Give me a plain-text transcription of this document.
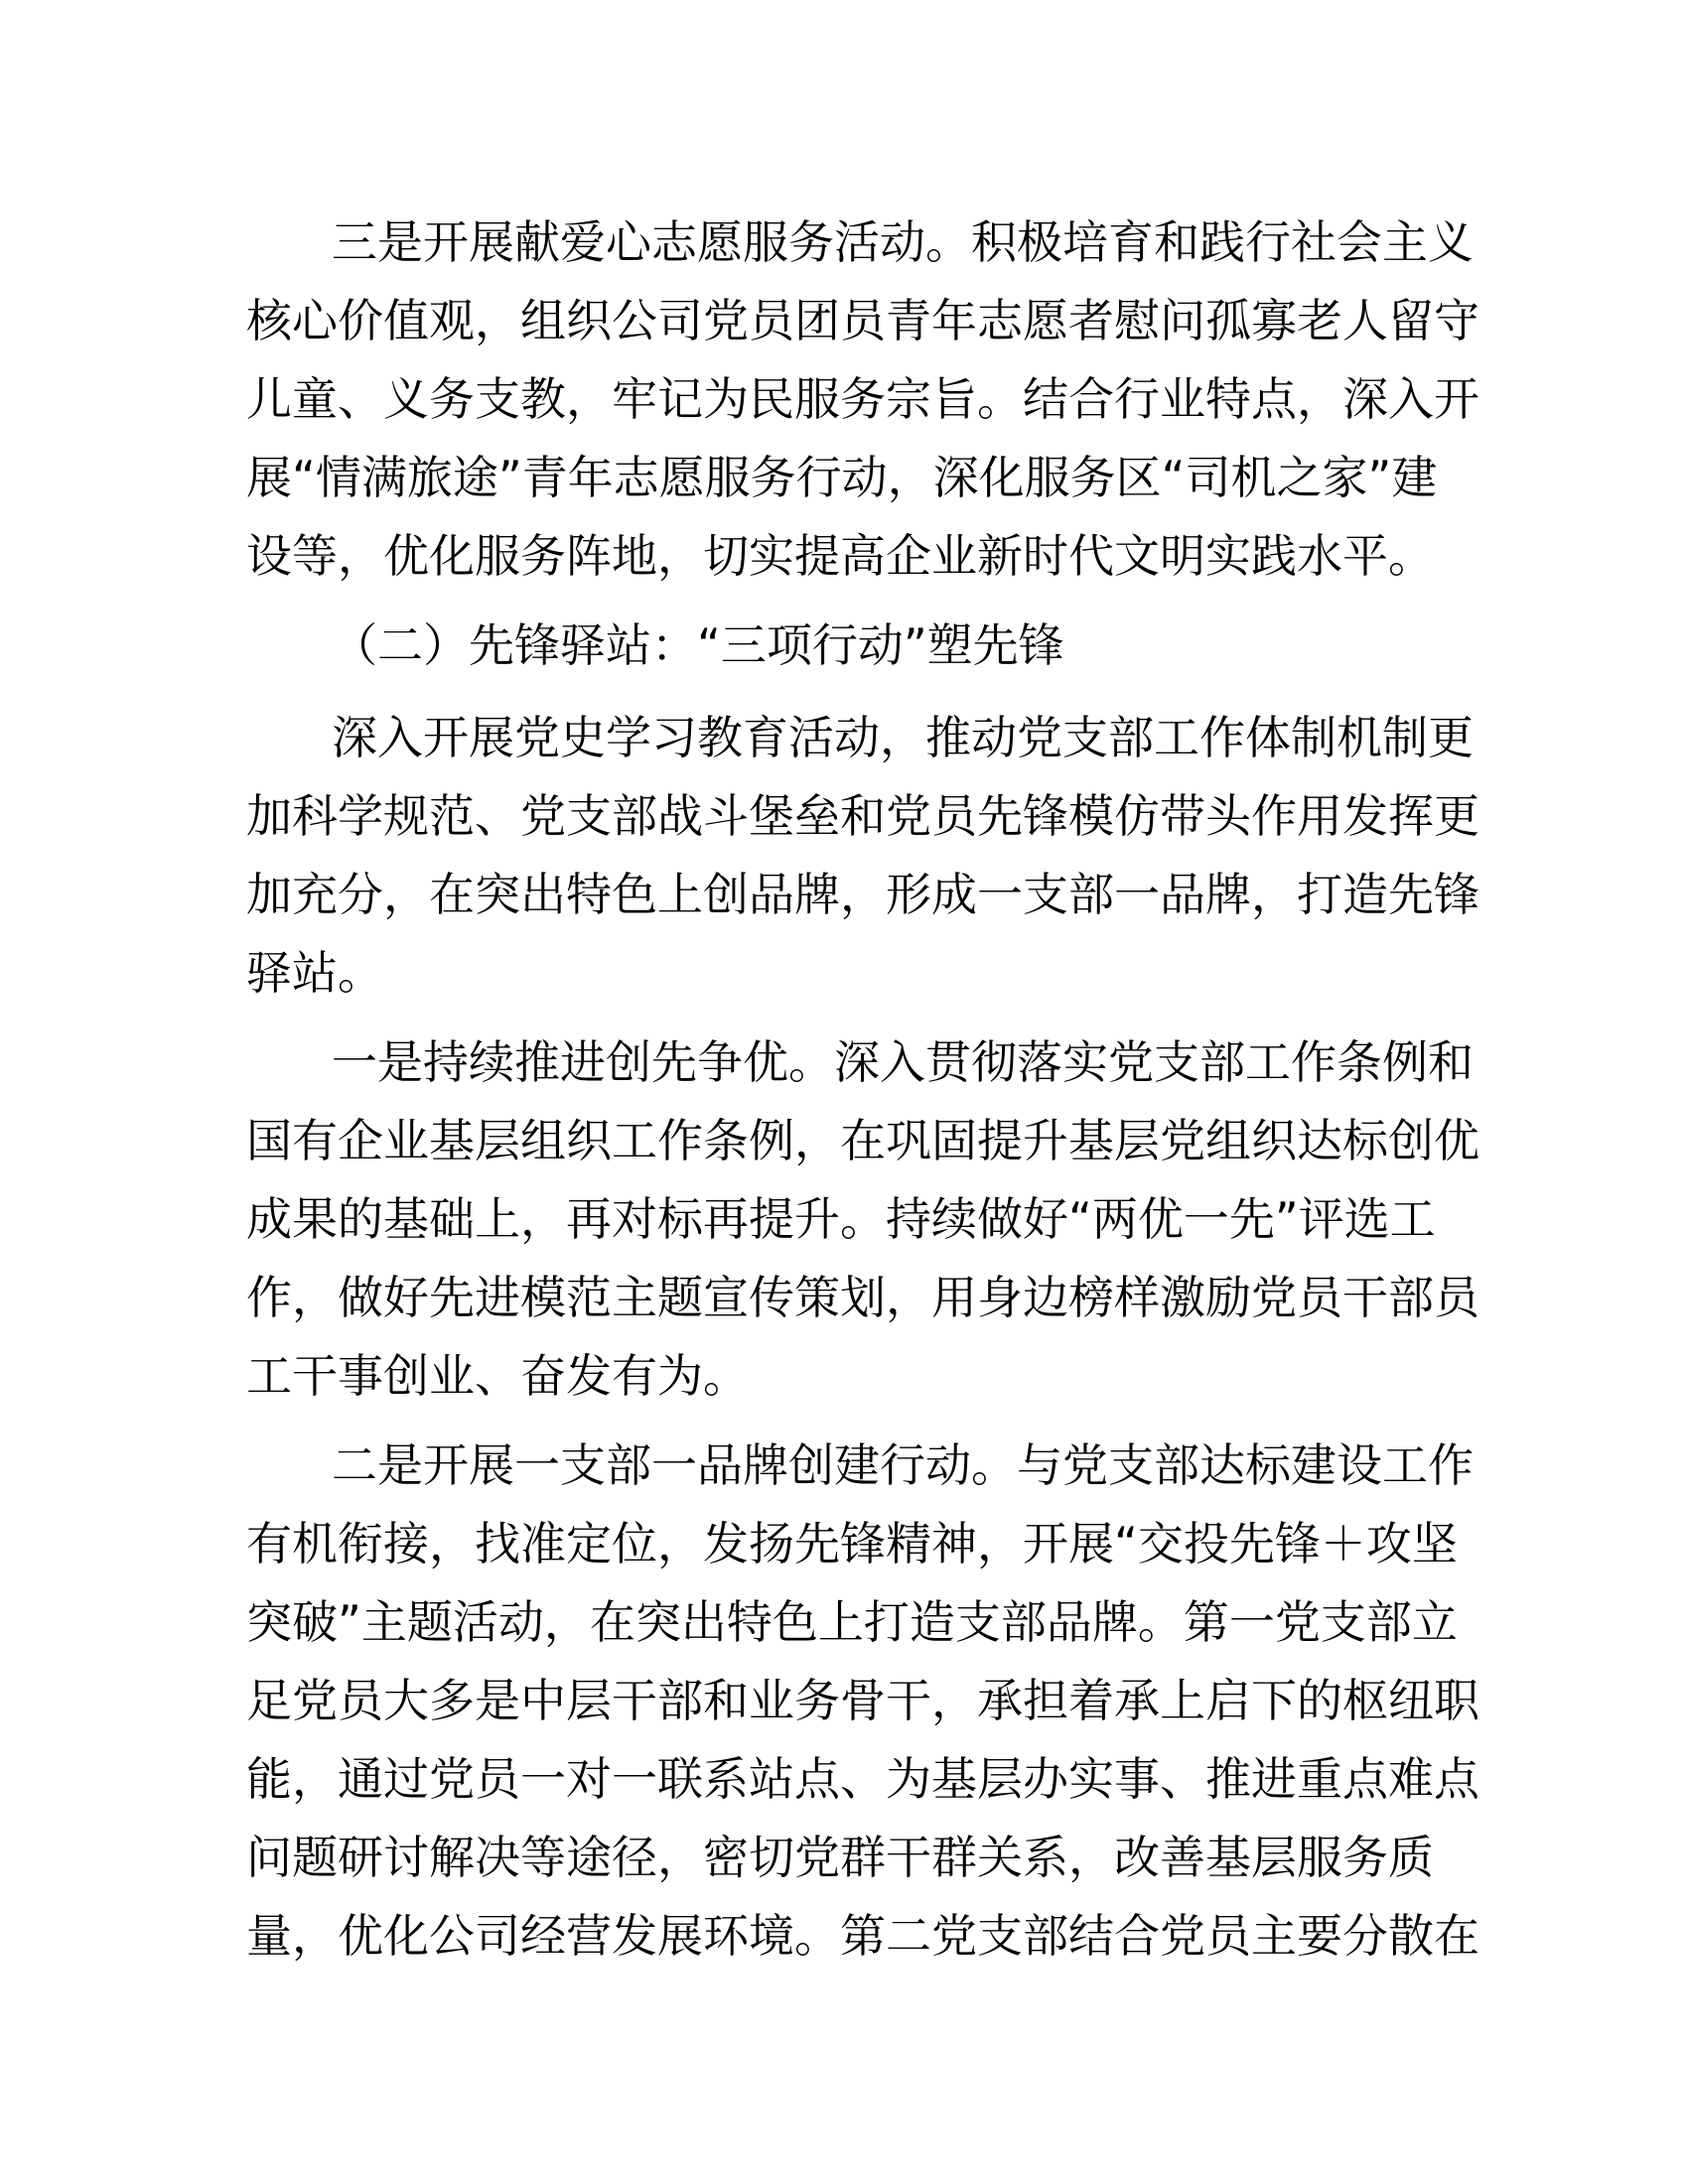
三是开展献爱心志愿服务活动。积极培育和践行社会主义
核心价值观，组织公司党员团员青年志愿者慰问孤寡老人留守
儿童、义务支教，牢记为民服务宗旨。结合行业特点，深入开
展“情满旅途”青年志愿服务行动，深化服务区“司机之家”建
设等，优化服务阵地，切实提高企业新时代文明实践水平。
（二）先锋驿站：“三项行动”塑先锋
深入开展党史学习教育活动，推动党支部工作体制机制更
加科学规范、党支部战斗堡垒和党员先锋模仿带头作用发挥更
加充分，在突出特色上创品牌，形成一支部一品牌，打造先锋
驿站。
一是持续推进创先争优。深入贯彻落实党支部工作条例和
国有企业基层组织工作条例，在巩固提升基层党组织达标创优
成果的基础上，再对标再提升。持续做好“两优一先”评选工
作，做好先进模范主题宣传策划，用身边榜样激励党员干部员
工干事创业、奋发有为。
二是开展一支部一品牌创建行动。与党支部达标建设工作
有机衔接，找准定位，发扬先锋精神，开展“交投先锋＋攻坚
突破”主题活动，在突出特色上打造支部品牌。第一党支部立
足党员大多是中层干部和业务骨干，承担着承上启下的枢纽职
能，通过党员一对一联系站点、为基层办实事、推进重点难点
问题研讨解决等途径，密切党群干群关系，改善基层服务质
量，优化公司经营发展环境。第二党支部结合党员主要分散在
